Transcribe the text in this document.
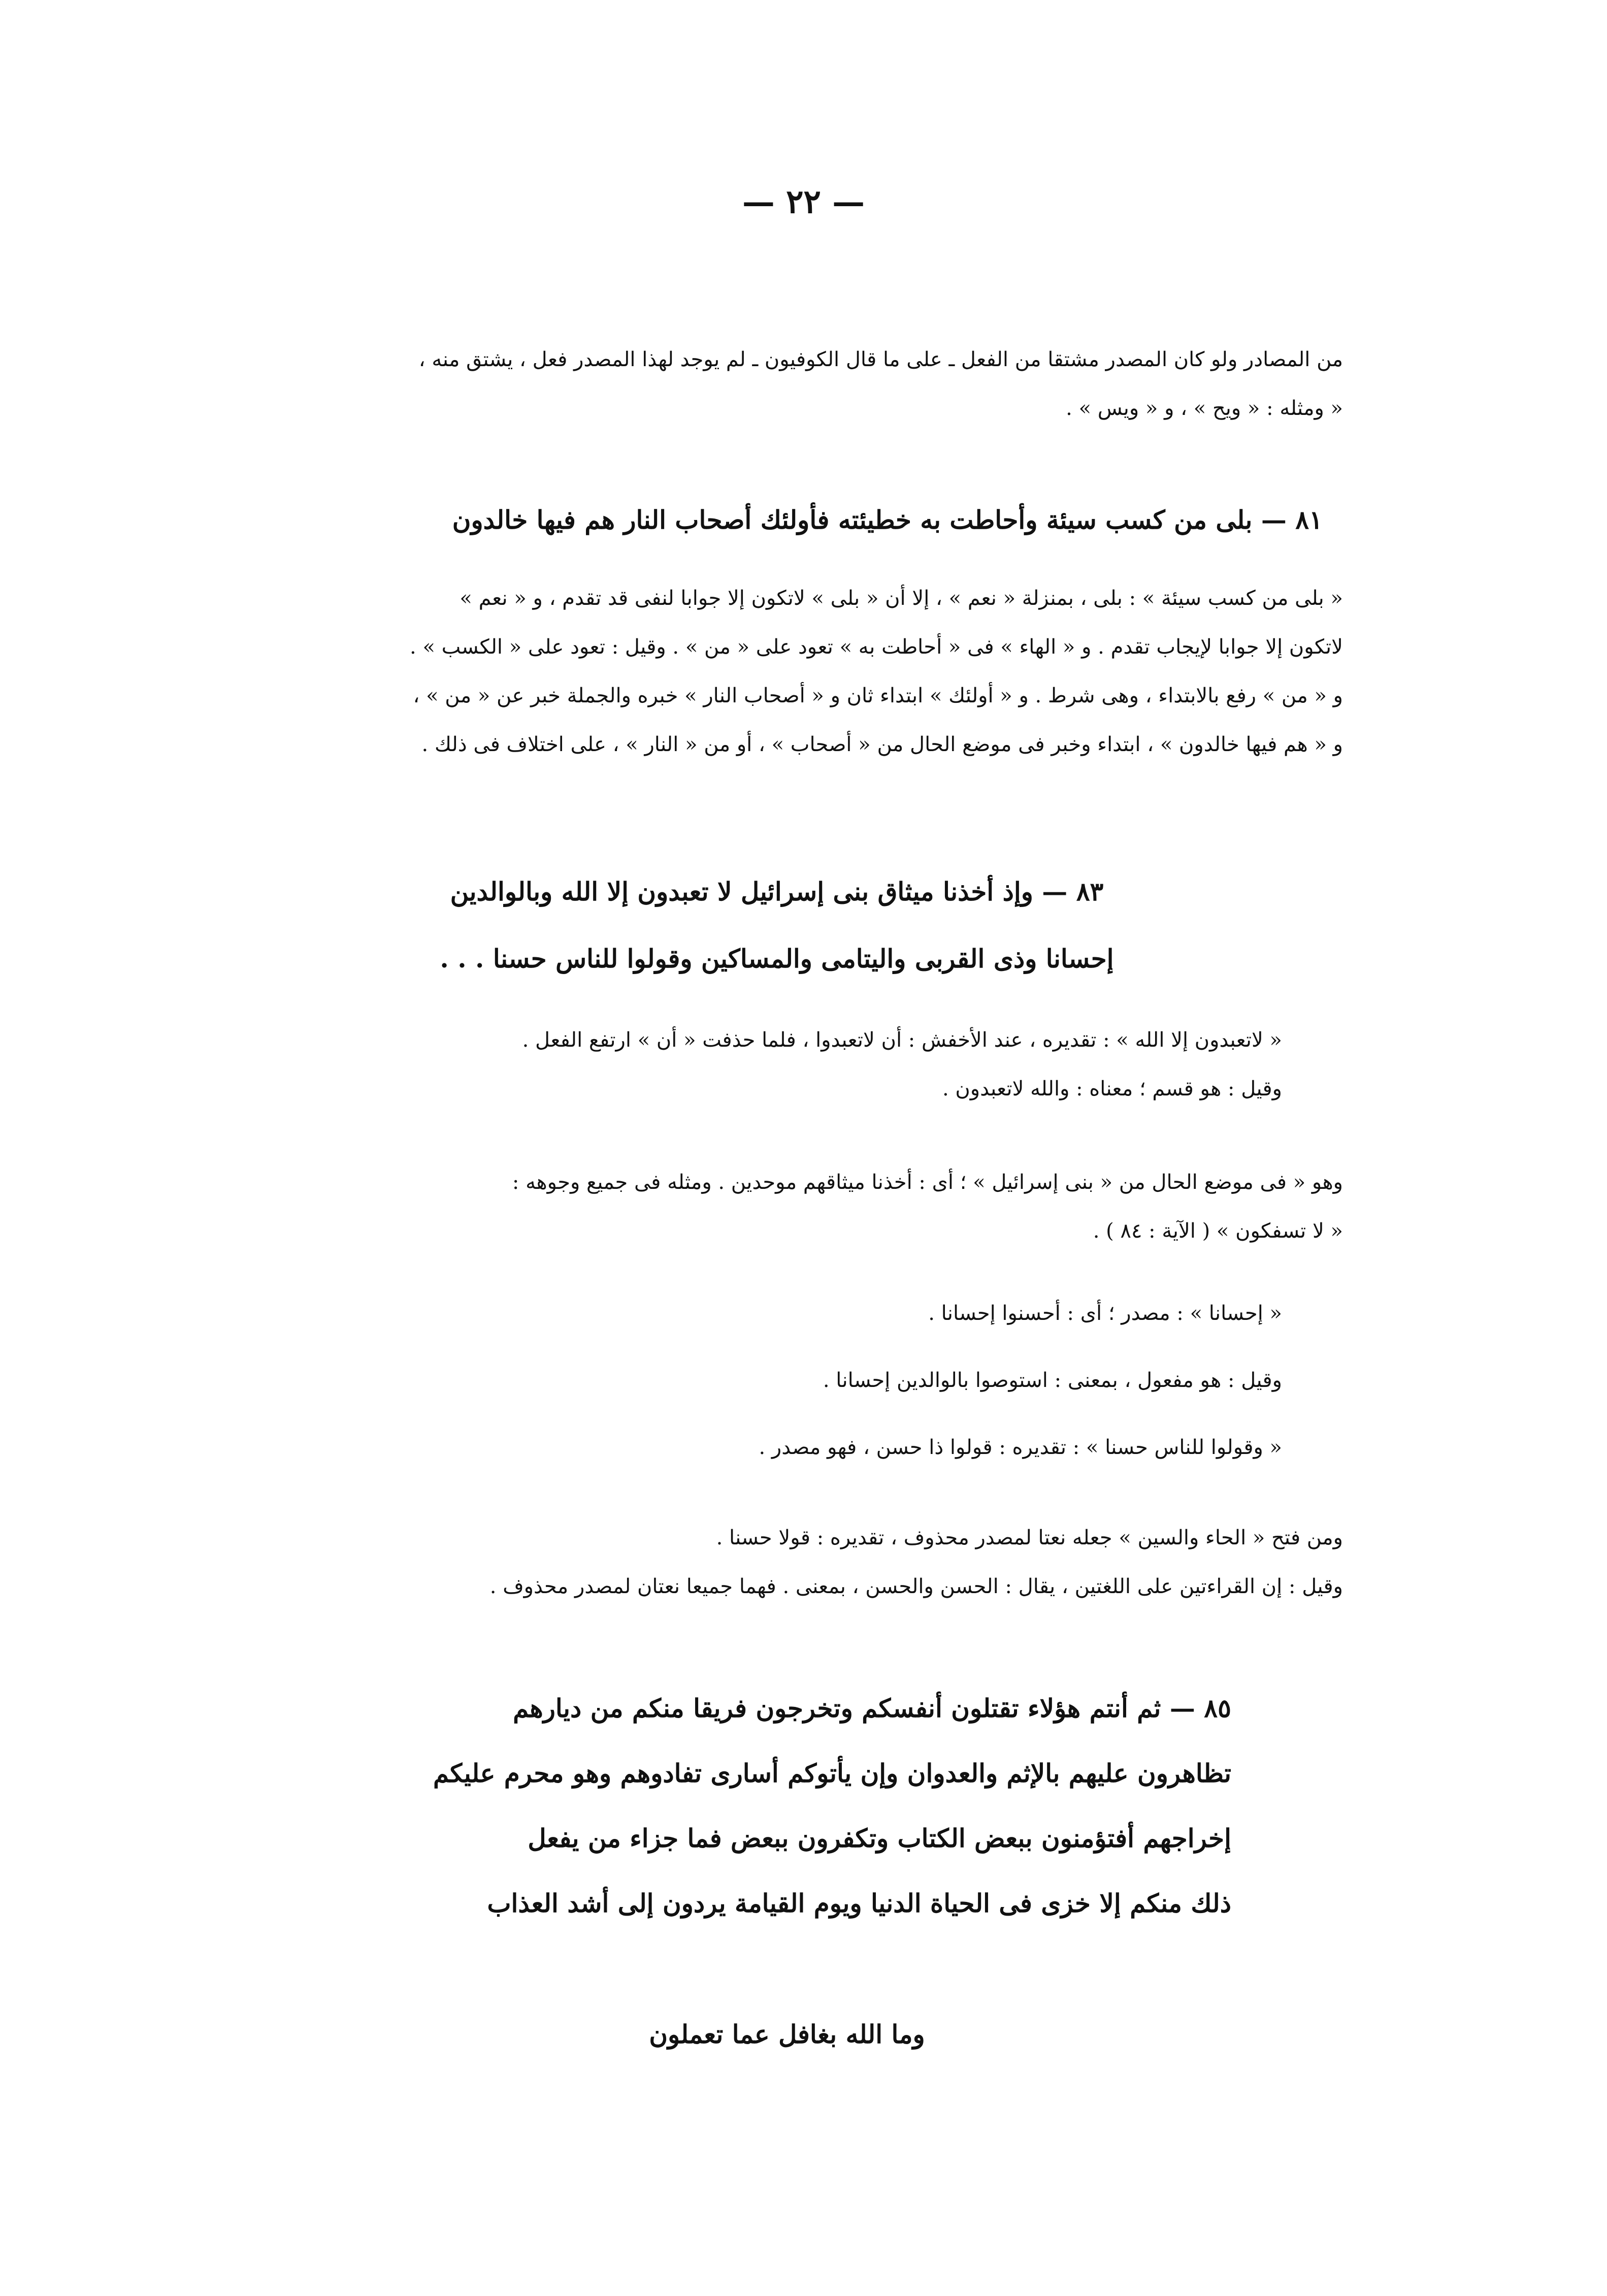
— ٢٢ —
من المصادر ولو كان المصدر مشتقا من الفعل ـ على ما قال الكوفيون ـ لم يوجد لهذا المصدر فعل ، يشتق منه ،
« ومثله : « ويح » ، و « ويس » .
٨١ — بلى من كسب سيئة وأحاطت به خطيئته فأولئك أصحاب النار هم فيها خالدون
« بلى من كسب سيئة » : بلى ، بمنزلة « نعم » ، إلا أن « بلى » لاتكون إلا جوابا لنفى قد تقدم ، و « نعم »
لاتكون إلا جوابا لإيجاب تقدم . و « الهاء » فى « أحاطت به » تعود على « من » . وقيل : تعود على « الكسب » .
و « من » رفع بالابتداء ، وهى شرط . و « أولئك » ابتداء ثان و « أصحاب النار » خبره والجملة خبر عن « من » ،
و « هم فيها خالدون » ، ابتداء وخبر فى موضع الحال من « أصحاب » ، أو من « النار » ، على اختلاف فى ذلك .
٨٣ — وإذ أخذنا ميثاق بنى إسرائيل لا تعبدون إلا الله وبالوالدين
إحسانا وذى القربى واليتامى والمساكين وقولوا للناس حسنا . . .
« لاتعبدون إلا الله » : تقديره ، عند الأخفش : أن لاتعبدوا ، فلما حذفت « أن » ارتفع الفعل .
وقيل : هو قسم ؛ معناه : والله لاتعبدون .
وهو « فى موضع الحال من « بنى إسرائيل » ؛ أى : أخذنا ميثاقهم موحدين . ومثله فى جميع وجوهه :
« لا تسفكون » ( الآية : ٨٤ ) .
« إحسانا » : مصدر ؛ أى : أحسنوا إحسانا .
وقيل : هو مفعول ، بمعنى : استوصوا بالوالدين إحسانا .
« وقولوا للناس حسنا » : تقديره : قولوا ذا حسن ، فهو مصدر .
ومن فتح « الحاء والسين » جعله نعتا لمصدر محذوف ، تقديره : قولا حسنا .
وقيل : إن القراءتين على اللغتين ، يقال : الحسن والحسن ، بمعنى . فهما جميعا نعتان لمصدر محذوف .
٨٥ — ثم أنتم هؤلاء تقتلون أنفسكم وتخرجون فريقا منكم من ديارهم
تظاهرون عليهم بالإثم والعدوان وإن يأتوكم أسارى تفادوهم وهو محرم عليكم
إخراجهم أفتؤمنون ببعض الكتاب وتكفرون ببعض فما جزاء من يفعل
ذلك منكم إلا خزى فى الحياة الدنيا ويوم القيامة يردون إلى أشد العذاب
وما الله بغافل عما تعملون
